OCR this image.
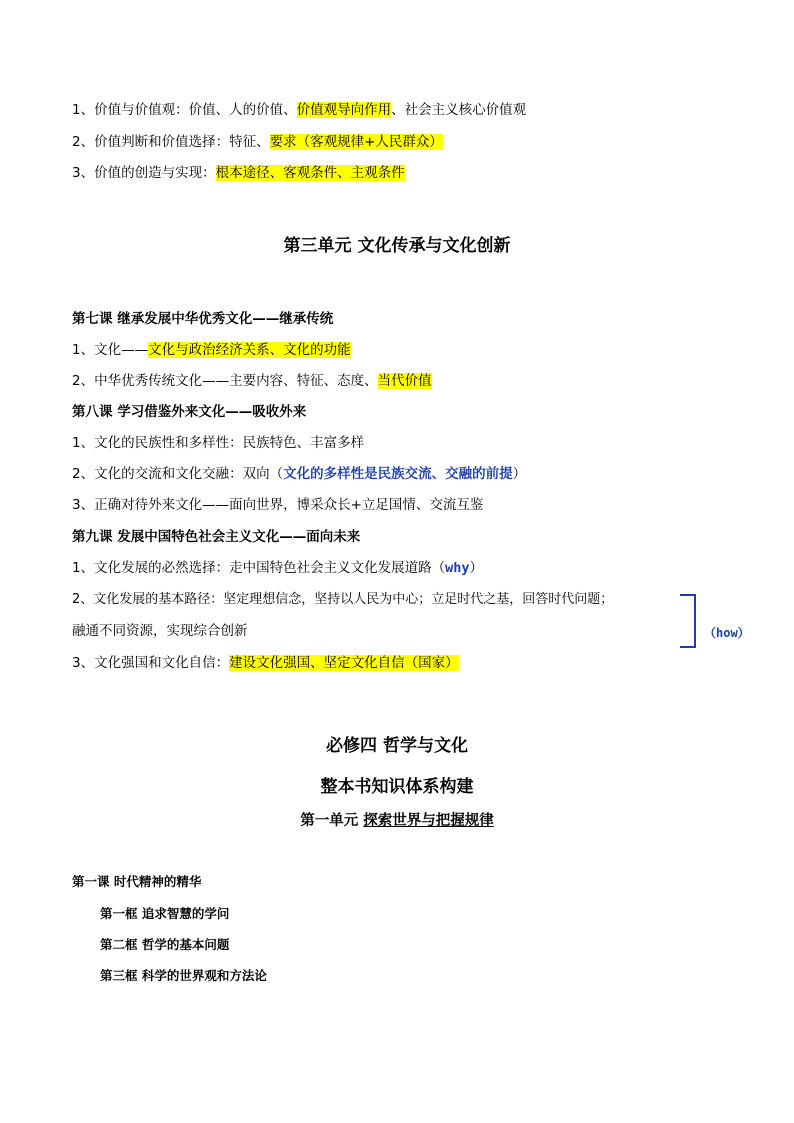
1、价值与价值观：价值、人的价值、价值观导向作用、社会主义核心价值观
2、价值判断和价值选择：特征、要求（客观规律+人民群众）
3、价值的创造与实现：根本途径、客观条件、主观条件
第三单元 文化传承与文化创新
第七课 继承发展中华优秀文化——继承传统
1、文化——文化与政治经济关系、文化的功能
2、中华优秀传统文化——主要内容、特征、态度、当代价值
第八课 学习借鉴外来文化——吸收外来
1、文化的民族性和多样性：民族特色、丰富多样
2、文化的交流和文化交融：双向（文化的多样性是民族交流、交融的前提）
3、正确对待外来文化——面向世界，博采众长+立足国情、交流互鉴
第九课 发展中国特色社会主义文化——面向未来
1、文化发展的必然选择：走中国特色社会主义文化发展道路（why）
2、文化发展的基本路径：坚定理想信念，坚持以人民为中心；立足时代之基，回答时代问题；
融通不同资源，实现综合创新	（how）
3、文化强国和文化自信：建设文化强国、坚定文化自信（国家）
必修四 哲学与文化
整本书知识体系构建
第一单元 探索世界与把握规律
第一课 时代精神的精华
第一框 追求智慧的学问
第二框 哲学的基本问题
第三框 科学的世界观和方法论
